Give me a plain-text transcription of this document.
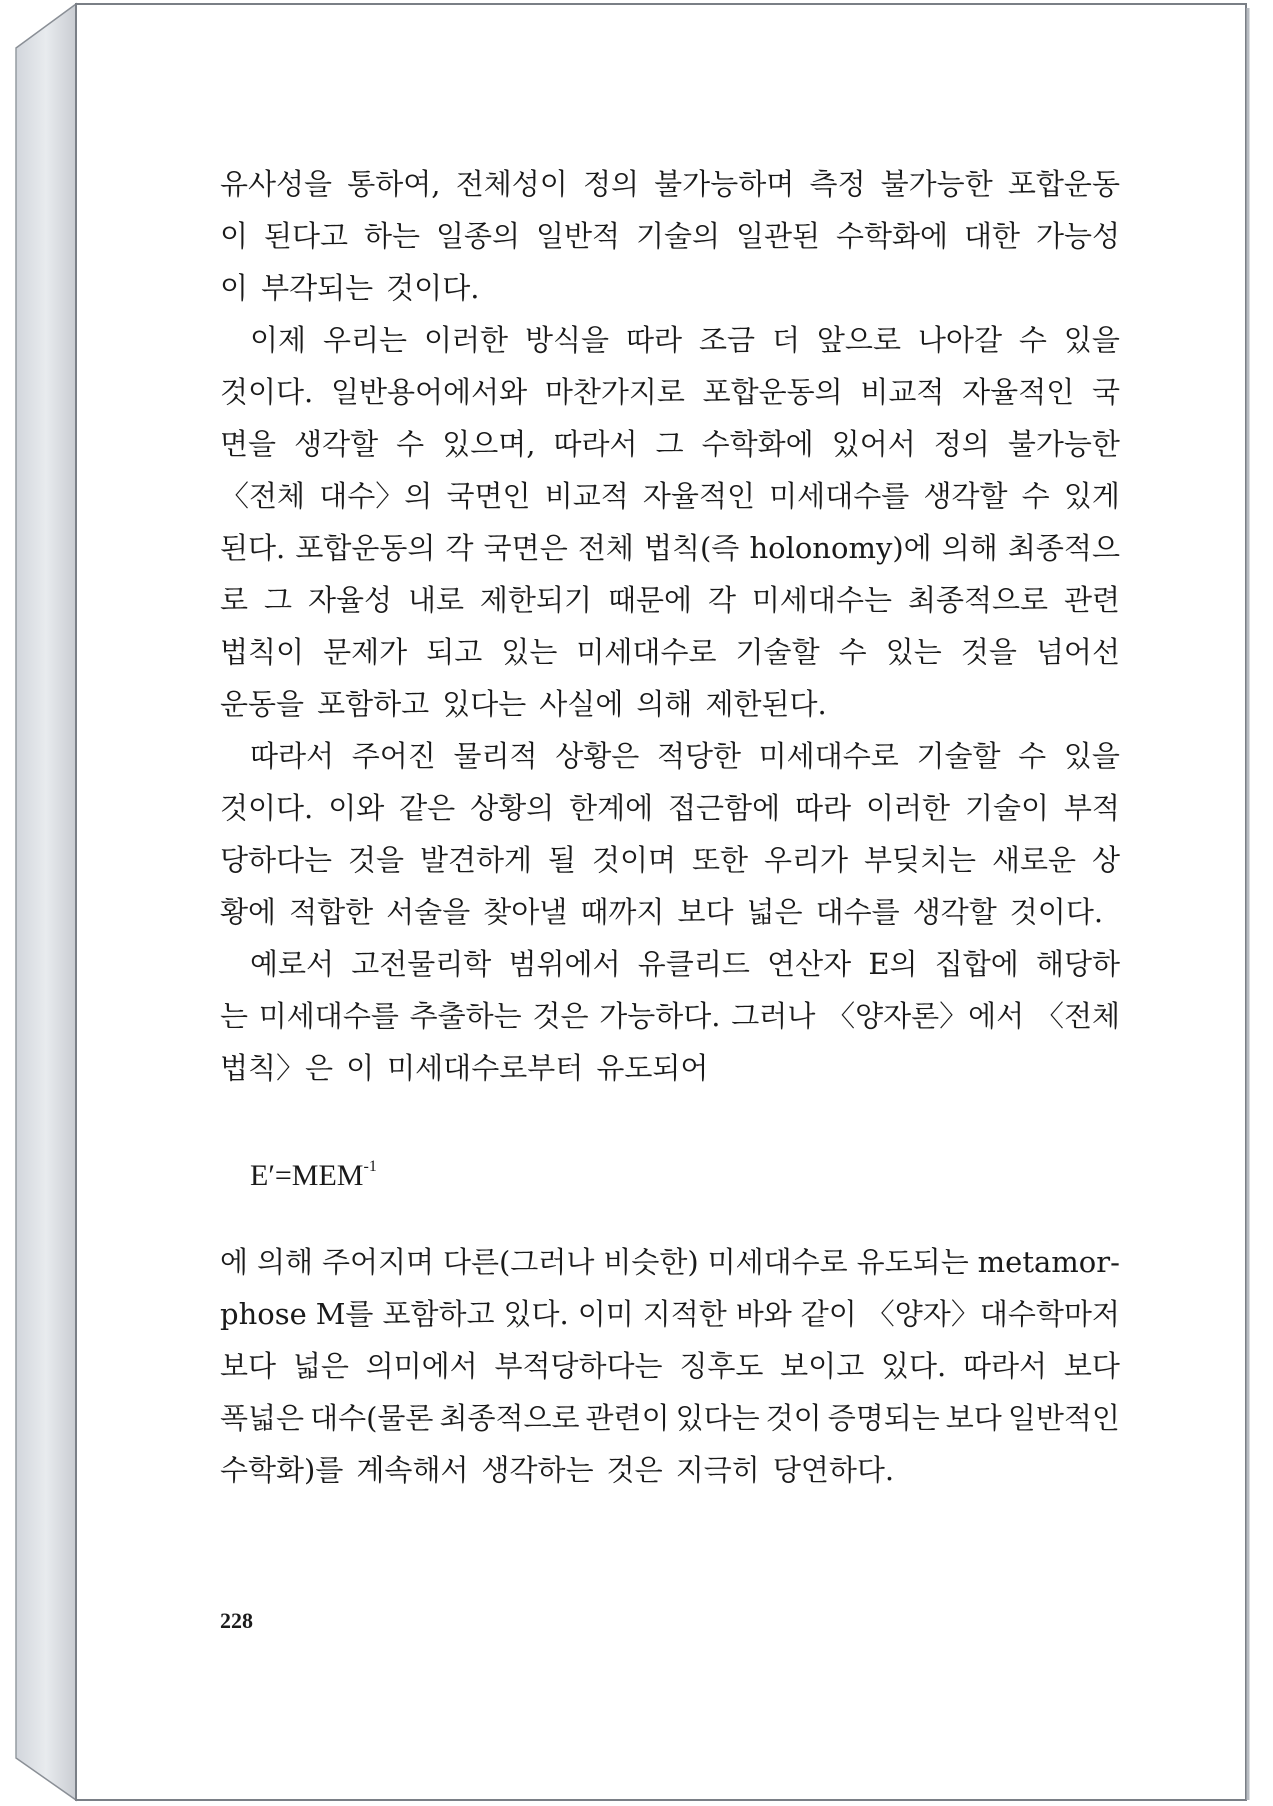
유사성을 통하여, 전체성이 정의 불가능하며 측정 불가능한 포합운동
이 된다고 하는 일종의 일반적 기술의 일관된 수학화에 대한 가능성
이 부각되는 것이다.
이제 우리는 이러한 방식을 따라 조금 더 앞으로 나아갈 수 있을
것이다. 일반용어에서와 마찬가지로 포합운동의 비교적 자율적인 국
면을 생각할 수 있으며, 따라서 그 수학화에 있어서 정의 불가능한
〈전체 대수〉의 국면인 비교적 자율적인 미세대수를 생각할 수 있게
된다. 포합운동의 각 국면은 전체 법칙(즉 holonomy)에 의해 최종적으
로 그 자율성 내로 제한되기 때문에 각 미세대수는 최종적으로 관련
법칙이 문제가 되고 있는 미세대수로 기술할 수 있는 것을 넘어선
운동을 포함하고 있다는 사실에 의해 제한된다.
따라서 주어진 물리적 상황은 적당한 미세대수로 기술할 수 있을
것이다. 이와 같은 상황의 한계에 접근함에 따라 이러한 기술이 부적
당하다는 것을 발견하게 될 것이며 또한 우리가 부딪치는 새로운 상
황에 적합한 서술을 찾아낼 때까지 보다 넓은 대수를 생각할 것이다.
예로서 고전물리학 범위에서 유클리드 연산자 E의 집합에 해당하
는 미세대수를 추출하는 것은 가능하다. 그러나 〈양자론〉에서 〈전체
법칙〉은 이 미세대수로부터 유도되어
$E'=MEM^{-1}$
에 의해 주어지며 다른(그러나 비슷한) 미세대수로 유도되는 metamor-
phose M를 포함하고 있다. 이미 지적한 바와 같이 〈양자〉대수학마저
보다 넓은 의미에서 부적당하다는 징후도 보이고 있다. 따라서 보다
폭넓은 대수(물론 최종적으로 관련이 있다는 것이 증명되는 보다 일반적인
수학화)를 계속해서 생각하는 것은 지극히 당연하다.
228
